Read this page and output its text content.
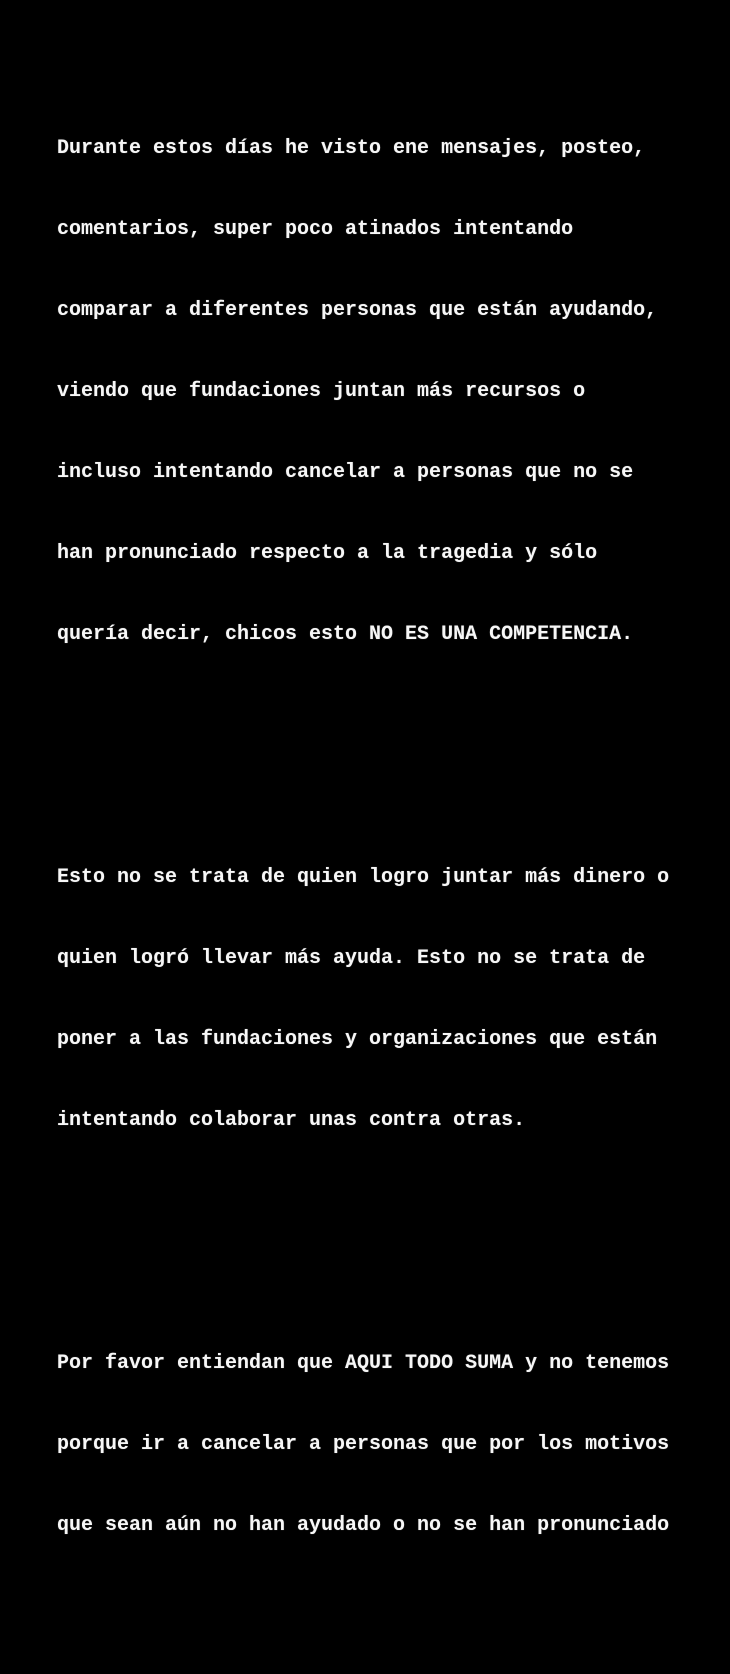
Durante estos días he visto ene mensajes, posteo,

comentarios, super poco atinados intentando

comparar a diferentes personas que están ayudando,

viendo que fundaciones juntan más recursos o

incluso intentando cancelar a personas que no se

han pronunciado respecto a la tragedia y sólo

quería decir, chicos esto NO ES UNA COMPETENCIA.

Esto no se trata de quien logro juntar más dinero o

quien logró llevar más ayuda. Esto no se trata de

poner a las fundaciones y organizaciones que están

intentando colaborar unas contra otras.

Por favor entiendan que AQUI TODO SUMA y no tenemos

porque ir a cancelar a personas que por los motivos

que sean aún no han ayudado o no se han pronunciado
